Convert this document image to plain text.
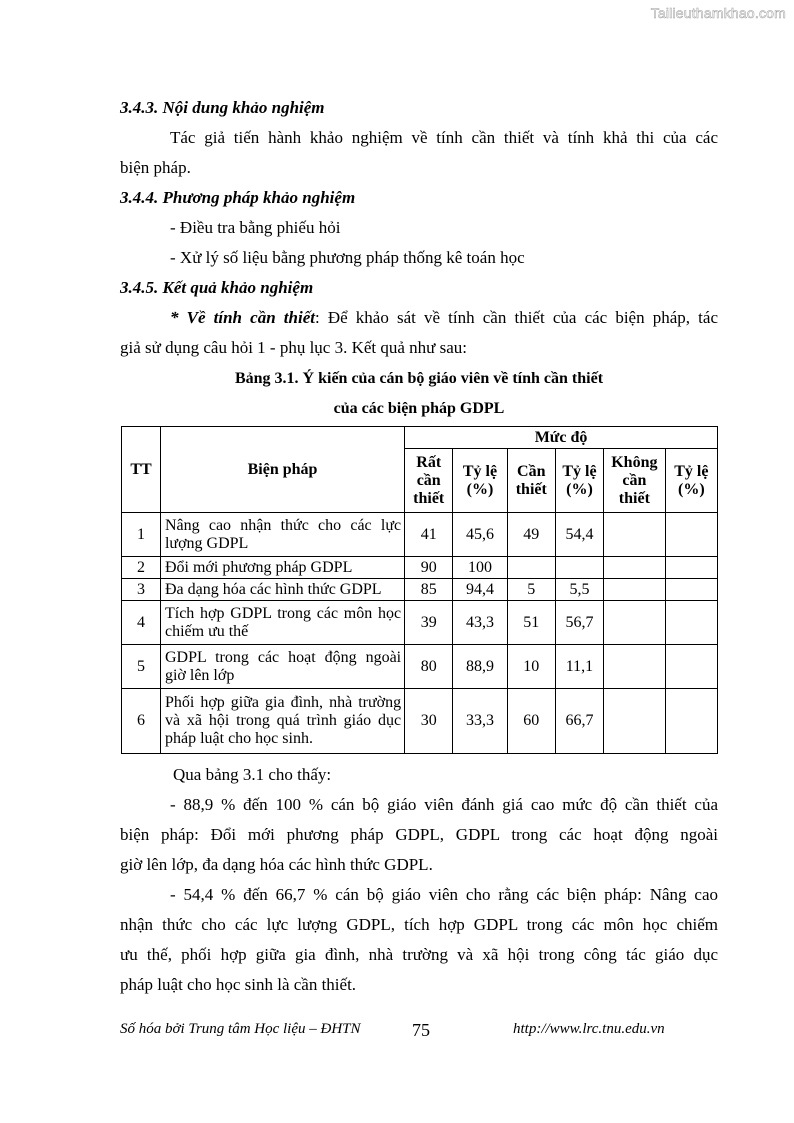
Tailieuthamkhao.com
3.4.3. Nội dung khảo nghiệm
Tác giả tiến hành khảo nghiệm về tính cần thiết và tính khả thi của các
biện pháp.
3.4.4. Phương pháp khảo nghiệm
- Điều tra bằng phiếu hỏi
- Xử lý số liệu bằng phương pháp thống kê toán học
3.4.5. Kết quả khảo nghiệm
* Về tính cần thiết: Để khảo sát về tính cần thiết của các biện pháp, tác
giả sử dụng câu hỏi 1 - phụ lục 3. Kết quả như sau:
Bảng 3.1. Ý kiến của cán bộ giáo viên về tính cần thiết
của các biện pháp GDPL
TT	Biện pháp	Mức độ					
		Rất cần thiết	Tỷ lệ (%)	Cần thiết	Tỷ lệ (%)	Không cần thiết	Tỷ lệ (%)
1	Nâng cao nhận thức cho các lực lượng GDPL	41	45,6	49	54,4		
2	Đổi mới phương pháp GDPL	90	100				
3	Đa dạng hóa các hình thức GDPL	85	94,4	5	5,5		
4	Tích hợp GDPL trong các môn học chiếm ưu thế	39	43,3	51	56,7		
5	GDPL trong các hoạt động ngoài giờ lên lớp	80	88,9	10	11,1		
6	Phối hợp giữa gia đình, nhà trường và xã hội trong quá trình giáo dục pháp luật cho học sinh.	30	33,3	60	66,7		
Qua bảng 3.1 cho thấy:
- 88,9 % đến 100 % cán bộ giáo viên đánh giá cao mức độ cần thiết của
biện pháp: Đổi mới phương pháp GDPL, GDPL trong các hoạt động ngoài
giờ lên lớp, đa dạng hóa các hình thức GDPL.
- 54,4 % đến 66,7 % cán bộ giáo viên cho rằng các biện pháp: Nâng cao
nhận thức cho các lực lượng GDPL, tích hợp GDPL trong các môn học chiếm
ưu thế, phối hợp giữa gia đình, nhà trường và xã hội trong công tác giáo dục
pháp luật cho học sinh là cần thiết.
Số hóa bởi Trung tâm Học liệu – ĐHTN	75	http://www.lrc.tnu.edu.vn
